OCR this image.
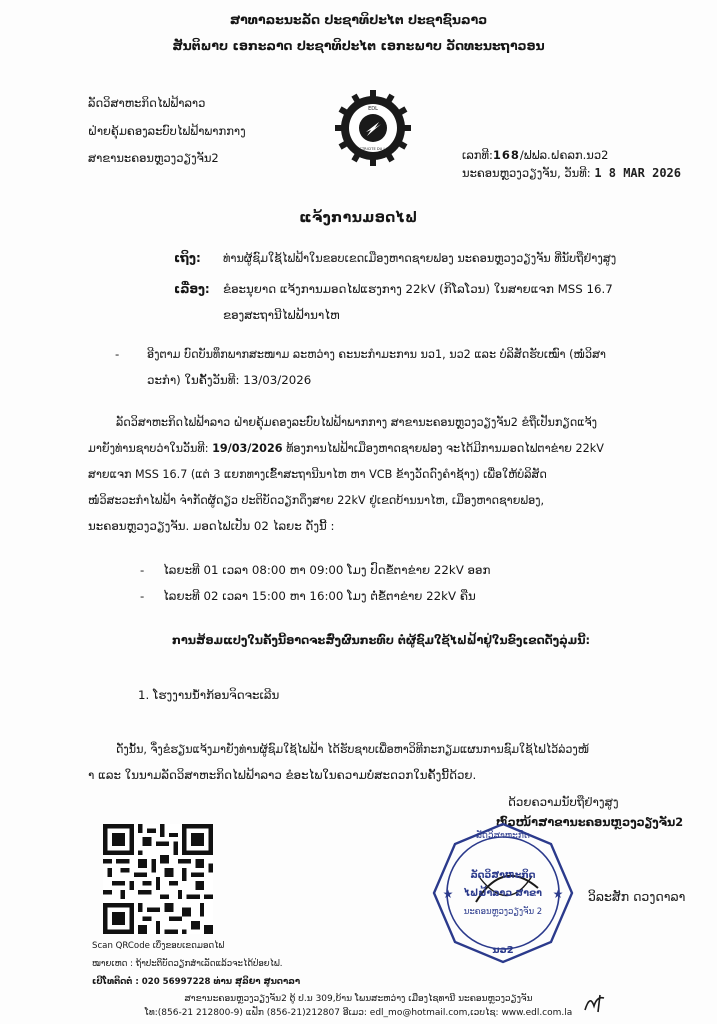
ສາທາລະນະລັດ ປະຊາທິປະໄຕ ປະຊາຊົນລາວ
ສັນຕິພາບ ເອກະລາດ ປະຊາທິປະໄຕ ເອກະພາບ ວັດທະນະຖາວອນ
ລັດວິສາຫະກິດໄຟຟ້າລາວ
ຝ່າຍຄຸ້ມຄອງລະບົບໄຟຟ້າພາກກາງ
ສາຂານະຄອນຫຼວງວຽງຈັນ2
EDL
ELECTRICITE DU LAOS	ເລກທີ:168/ຟຟລ.ຝຄລກ.ນວ2
ນະຄອນຫຼວງວຽງຈັນ, ວັນທີ: 1 8 MAR 2026
ແຈ້ງການມອດໄຟ
ເຖິງ: ທ່ານຜູ້ຊົມໃຊ້ໄຟຟ້າໃນຂອບເຂດເມືອງຫາດຊາຍຟອງ ນະຄອນຫຼວງວຽງຈັນ ທີ່ນັບຖືຢ່າງສູງ
ເລື່ອງ: ຂໍອະນຸຍາດ ແຈ້ງການມອດໄຟແຮງກາງ 22kV (ກິໂລໂວນ) ໃນສາຍແຈກ MSS 16.7
ຂອງສະຖານີໄຟຟ້ານາໄຫ
- ອີງຕາມ ບົດບັນທຶກພາກສະໜາມ ລະຫວ່າງ ຄະນະກຳມະການ ນວ1, ນວ2 ແລະ ບໍລິສັດຮັບເໝົາ (ໜໍ່ວິສາ
ວະກຳ) ໃນຄັ້ງວັນທີ: 13/03/2026
ລັດວິສາຫະກິດໄຟຟ້າລາວ ຝ່າຍຄຸ້ມຄອງລະບົບໄຟຟ້າພາກກາງ ສາຂານະຄອນຫຼວງວຽງຈັນ2 ຂໍຖືເປັນກຽດແຈ້ງ
ມາຍັງທ່ານຊາບວ່າໃນວັນທີ: 19/03/2026 ທ້ອງການໄຟຟ້າເມືອງຫາດຊາຍຟອງ ຈະໄດ້ມີການມອດໄຟຕາຂ່າຍ 22kV
ສາຍແຈກ MSS 16.7 (ແຕ່ 3 ແຍກທາງເຂົ້າສະຖານີນາໄຫ ຫາ VCB ຂ້າງວັດດົງຄຳຊ້າງ) ເພື່ອໃຫ້ບໍລິສັດ
ໜໍ່ວິສະວະກຳໄຟຟ້າ ຈຳກັດຜູ້ດຽວ ປະຕິບັດວຽກດຶງສາຍ 22kV ຢູ່ເຂດບ້ານນາໄຫ, ເມືອງຫາດຊາຍຟອງ,
ນະຄອນຫຼວງວຽງຈັນ. ມອດໄຟເປັນ 02 ໄລຍະ ດັ່ງນີ້ :
- ໄລຍະທີ 01 ເວລາ 08:00 ຫາ 09:00 ໂມງ ປົດຂໍ້ຕາຂ່າຍ 22kV ອອກ
- ໄລຍະທີ 02 ເວລາ 15:00 ຫາ 16:00 ໂມງ ຕໍ່ຂໍ້ຕາຂ່າຍ 22kV ຄືນ
ການສ້ອມແປງໃນຄັ້ງນີ້ອາດຈະສົ່ງຜົນກະທົບ ຕໍ່ຜູ້ຊົມໃຊ້ໄຟຟ້າຢູ່ໃນຂົງເຂດດັ່ງລຸ່ມນີ້:
1. ໂຮງງານນ້ຳກ້ອນຈິດຈະເລີນ
ດັ່ງນັ້ນ, ຈຶ່ງຂໍຮຽນແຈ້ງມາຍັງທ່ານຜູ້ຊົມໃຊ້ໄຟຟ້າ ໄດ້ຮັບຊາບເພື່ອຫາວິທີກະກຽມແຜນການຊົມໃຊ້ໄຟໄວ້ລ່ວງໜ້
າ ແລະ ໃນນາມລັດວິສາຫະກິດໄຟຟ້າລາວ ຂໍອະໄພໃນຄວາມບໍ່ສະດວກໃນຄັ້ງນີ້ດ້ວຍ.
ດ້ວຍຄວາມນັບຖືຢ່າງສູງ
ຫົວໜ້າສາຂານະຄອນຫຼວງວຽງຈັນ2
ລັດວິສາຫະກິດ
ລັດວິສາຫະກິດ
ໄຟຟ້າລາວ ສາຂາ
ນະຄອນຫຼວງວຽງຈັນ 2
ນວ2
★	★ ວິລະສັກ ດວງດາລາ
Scan QRCode ເບິ່ງຂອບເຂດມອດໄຟ
ໝາຍເຫດ : ຖ້າປະຕິບັດວຽກສຳເລັດແລ້ວຈະໄດ້ປ່ອຍໄຟ.
ເບີໂທຕິດຕໍ່ : 020 56997228 ທ່ານ ສຸລິຍາ ສູນດາລາ
ສາຂານະຄອນຫຼວງວຽງຈັນ2 ຕູ້ ປ.ນ 309,ບ້ານ ໂພນສະຫວ່າງ ເມືອງໄຊທານີ ນະຄອນຫຼວງວຽງຈັນ
ໂທ:(856-21 212800-9) ແຟັກ (856-21)212807 ອີເມວ: edl_mo@hotmail.com,ເວບໄຊ: www.edl.com.la
